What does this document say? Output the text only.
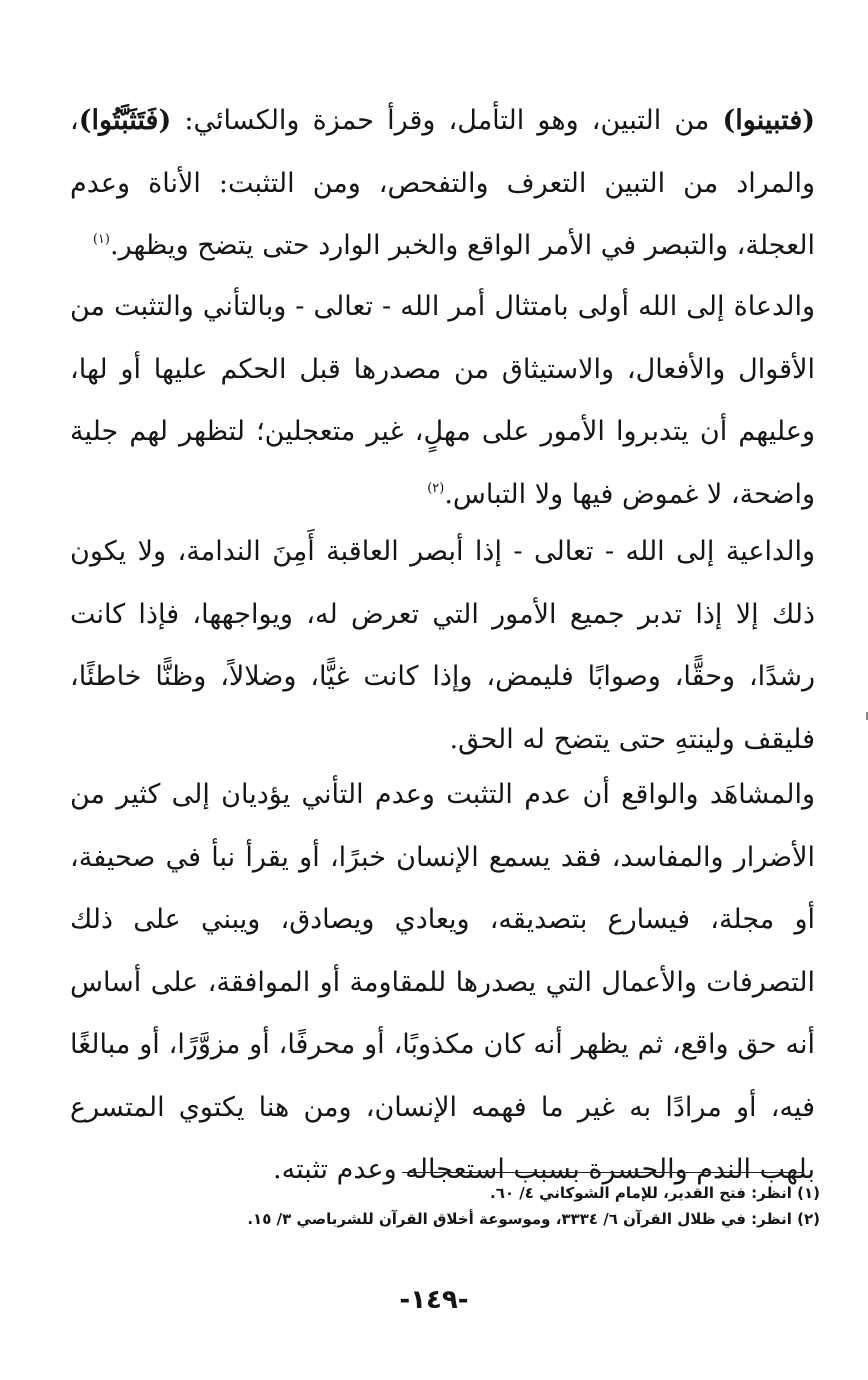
(فتبينوا) من التبين، وهو التأمل، وقرأ حمزة والكسائي: (فَتَثَبَّتُوا)، والمراد من التبين التعرف والتفحص، ومن التثبت: الأناة وعدم العجلة، والتبصر في الأمر الواقع والخبر الوارد حتى يتضح ويظهر.$^{(١)}$

والدعاة إلى الله أولى بامتثال أمر الله - تعالى - وبالتأني والتثبت من الأقوال والأفعال، والاستيثاق من مصدرها قبل الحكم عليها أو لها، وعليهم أن يتدبروا الأمور على مهلٍ، غير متعجلين؛ لتظهر لهم جلية واضحة، لا غموض فيها ولا التباس.$^{(٢)}$

والداعية إلى الله - تعالى - إذا أبصر العاقبة أَمِنَ الندامة، ولا يكون ذلك إلا إذا تدبر جميع الأمور التي تعرض له، ويواجهها، فإذا كانت رشدًا، وحقًّا، وصوابًا فليمض، وإذا كانت غيًّا، وضلالاً، وظنًّا خاطئًا، فليقف ولينتهِ حتى يتضح له الحق.

والمشاهَد والواقع أن عدم التثبت وعدم التأني يؤديان إلى كثير من الأضرار والمفاسد، فقد يسمع الإنسان خبرًا، أو يقرأ نبأ في صحيفة، أو مجلة، فيسارع بتصديقه، ويعادي ويصادق، ويبني على ذلك التصرفات والأعمال التي يصدرها للمقاومة أو الموافقة، على أساس أنه حق واقع، ثم يظهر أنه كان مكذوبًا، أو محرفًا، أو مزوَّرًا، أو مبالغًا فيه، أو مرادًا به غير ما فهمه الإنسان، ومن هنا يكتوي المتسرع بلهب الندم والحسرة بسبب استعجاله وعدم تثبته.

(١) انظر: فتح القدير، للإمام الشوكاني ٤/ ٦٠.
(٢) انظر: في ظلال القرآن ٦/ ٣٣٣٤، وموسوعة أخلاق القرآن للشرباصي ٣/ ١٥.
-١٤٩-
